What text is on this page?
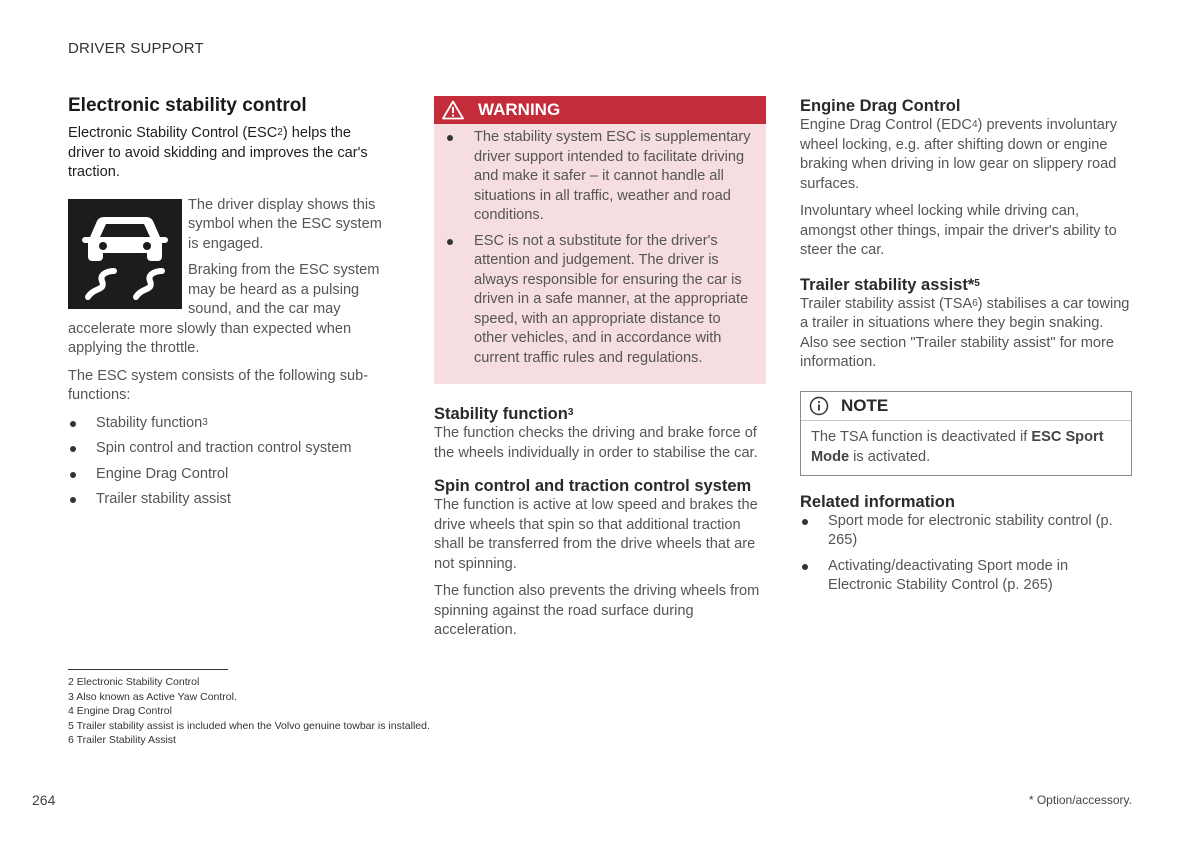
DRIVER SUPPORT
Electronic stability control

Electronic Stability Control (ESC$^2$) helps the driver to avoid skidding and improves the car's traction.

The driver display shows this symbol when the ESC system is engaged.

Braking from the ESC system may be heard as a pulsing sound, and the car may accelerate more slowly than expected when applying the throttle.

The ESC system consists of the following sub-functions:

Stability function$^3$
Spin control and traction control system
Engine Drag Control
Trailer stability assist
WARNING
The stability system ESC is supplementary driver support intended to facilitate driving and make it safer – it cannot handle all situations in all traffic, weather and road conditions.
ESC is not a substitute for the driver's attention and judgement. The driver is always responsible for ensuring the car is driven in a safe manner, at the appropriate speed, with an appropriate distance to other vehicles, and in accordance with current traffic rules and regulations.
Stability function$^3$

The function checks the driving and brake force of the wheels individually in order to stabilise the car.

Spin control and traction control system

The function is active at low speed and brakes the drive wheels that spin so that additional traction shall be transferred from the drive wheels that are not spinning.

The function also prevents the driving wheels from spinning against the road surface during acceleration.

Engine Drag Control

Engine Drag Control (EDC$^4$) prevents involuntary wheel locking, e.g. after shifting down or engine braking when driving in low gear on slippery road surfaces.

Involuntary wheel locking while driving can, amongst other things, impair the driver's ability to steer the car.

Trailer stability assist*$^5$

Trailer stability assist (TSA$^6$) stabilises a car towing a trailer in situations where they begin snaking. Also see section "Trailer stability assist" for more information.

NOTE
The TSA function is deactivated if ESC Sport Mode is activated.
Related information
Sport mode for electronic stability control (p. 265)
Activating/deactivating Sport mode in Electronic Stability Control (p. 265)
2 Electronic Stability Control
3 Also known as Active Yaw Control.
4 Engine Drag Control
5 Trailer stability assist is included when the Volvo genuine towbar is installed.
6 Trailer Stability Assist
264	* Option/accessory.
